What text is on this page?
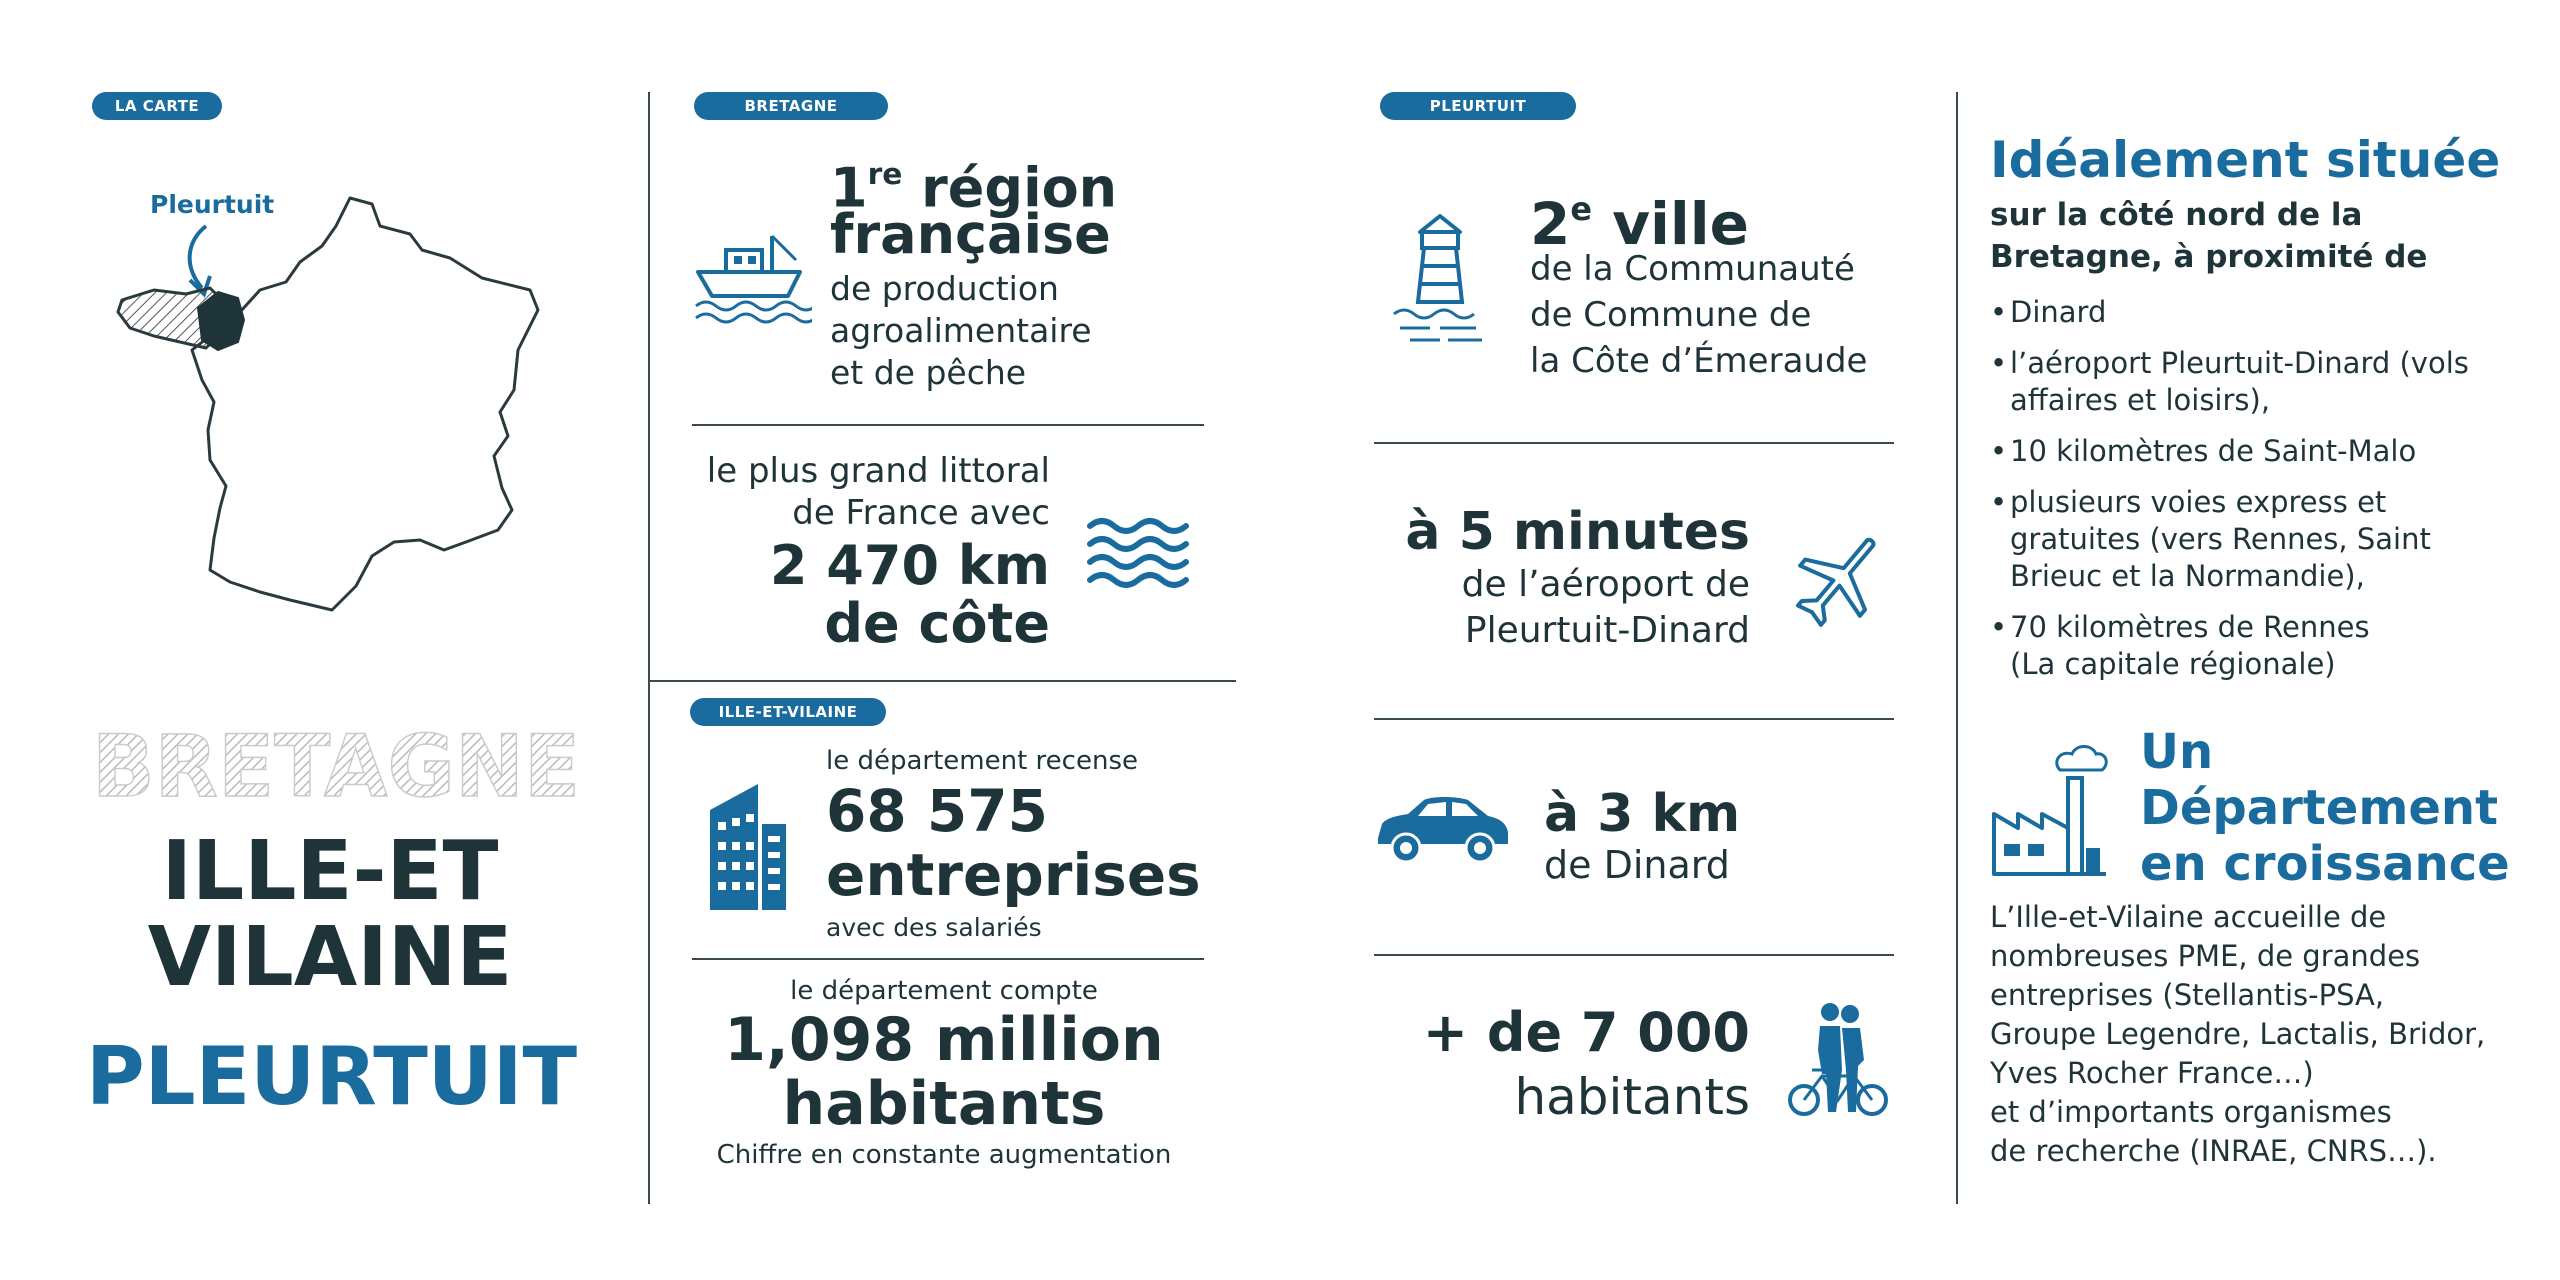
LA CARTE
Pleurtuit
BRETAGNE
ILLE-ET
VILAINE
PLEURTUIT
BRETAGNE
1re région
française
de production
agroalimentaire
et de pêche
le plus grand littoral
de France avec
2 470 km
de côte
ILLE-ET-VILAINE
le département recense
68 575
entreprises
avec des salariés
le département compte
1,098 million
habitants
Chiffre en constante augmentation
PLEURTUIT
2e ville
de la Communauté
de Commune de
la Côte d’Émeraude
à 5 minutes
de l’aéroport de
Pleurtuit-Dinard
à 3 km
de Dinard
+ de 7 000
habitants
Idéalement située
sur la côté nord de la
Bretagne, à proximité de
• Dinard
• l’aéroport Pleurtuit-Dinard (vols
affaires et loisirs),
• 10 kilomètres de Saint-Malo
• plusieurs voies express et
gratuites (vers Rennes, Saint
Brieuc et la Normandie),
• 70 kilomètres de Rennes
(La capitale régionale)
Un
Département
en croissance
L’Ille-et-Vilaine accueille de
nombreuses PME, de grandes
entreprises (Stellantis-PSA,
Groupe Legendre, Lactalis, Bridor,
Yves Rocher France…)
et d’importants organismes
de recherche (INRAE, CNRS…).
